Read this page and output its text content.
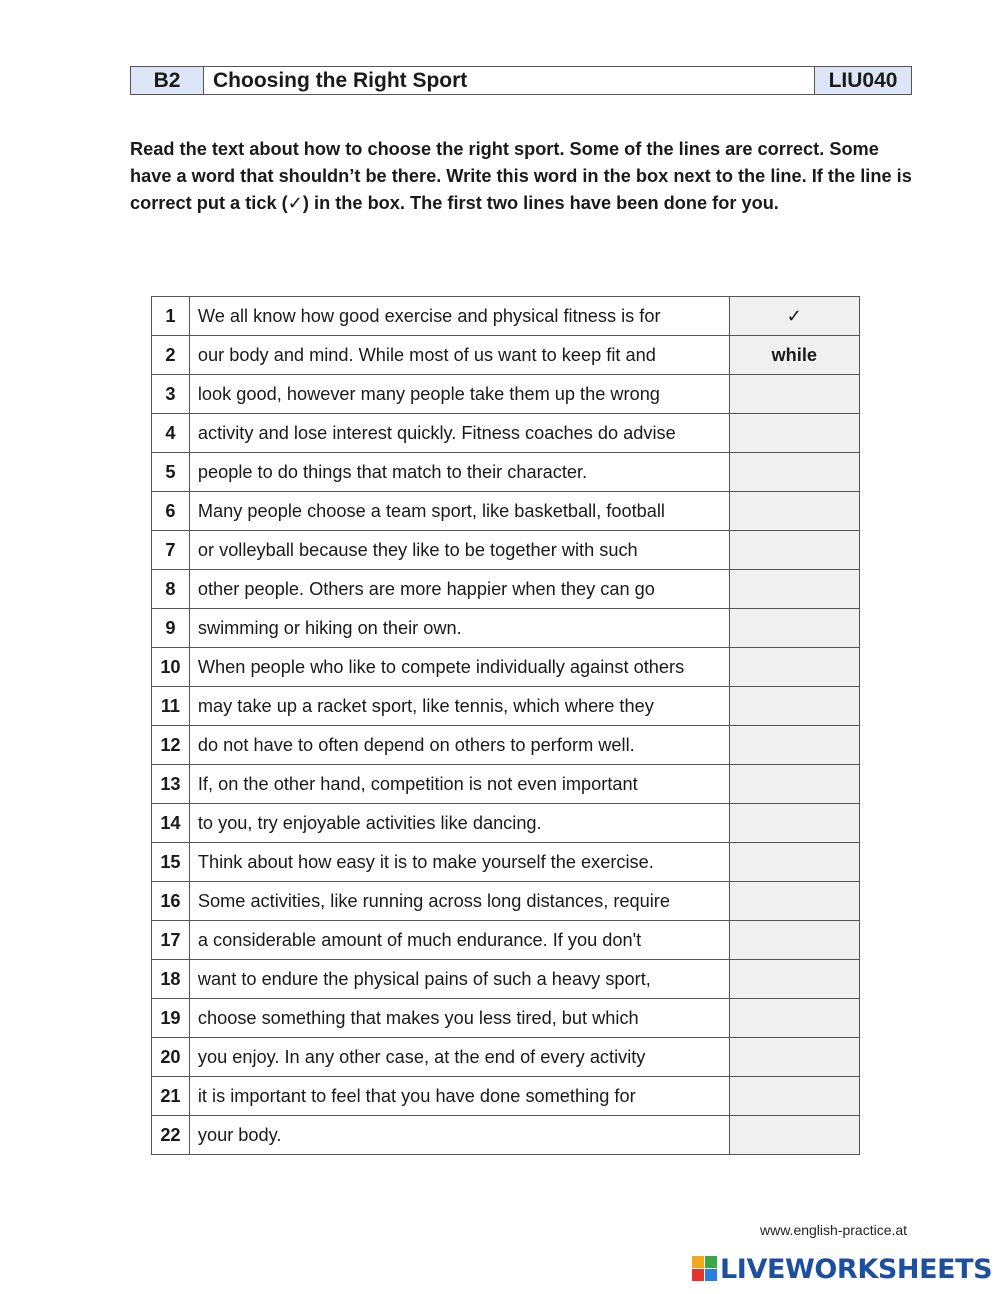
B2	Choosing the Right Sport	LIU040

Read the text about how to choose the right sport. Some of the lines are correct. Some have a word that shouldn’t be there. Write this word in the box next to the line. If the line is correct put a tick (✓) in the box. The first two lines have been done for you.

1	We all know how good exercise and physical fitness is for	✓
2	our body and mind. While most of us want to keep fit and	while
3	look good, however many people take them up the wrong	
4	activity and lose interest quickly. Fitness coaches do advise	
5	people to do things that match to their character.	
6	Many people choose a team sport, like basketball, football	
7	or volleyball because they like to be together with such	
8	other people. Others are more happier when they can go	
9	swimming or hiking on their own.	
10	When people who like to compete individually against others	
11	may take up a racket sport, like tennis, which where they	
12	do not have to often depend on others to perform well.	
13	If, on the other hand, competition is not even important	
14	to you, try enjoyable activities like dancing.	
15	Think about how easy it is to make yourself the exercise.	
16	Some activities, like running across long distances, require	
17	a considerable amount of much endurance. If you don't	
18	want to endure the physical pains of such a heavy sport,	
19	choose something that makes you less tired, but which	
20	you enjoy. In any other case, at the end of every activity	
21	it is important to feel that you have done something for	
22	your body.	
www.english-practice.at
LIVEWORKSHEETS
